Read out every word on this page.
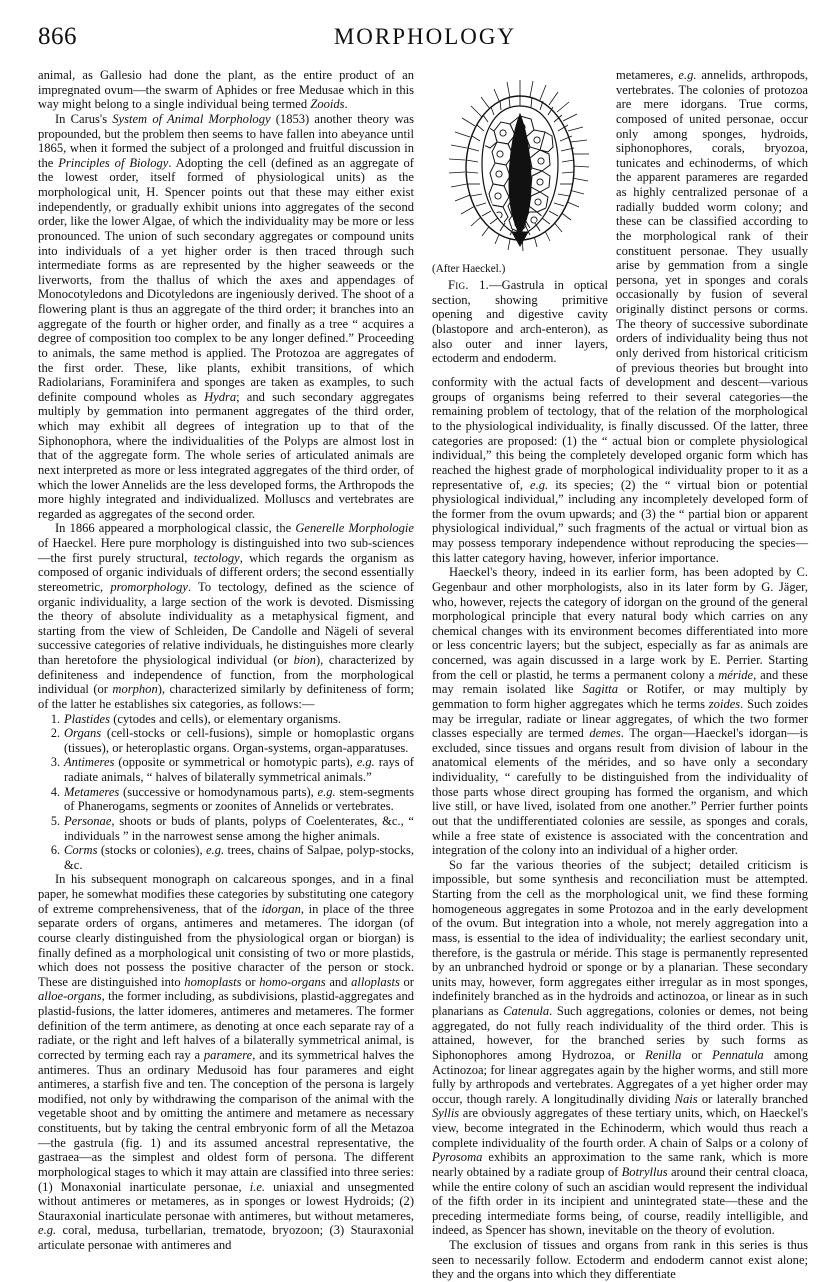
866	MORPHOLOGY

animal, as Gallesio had done the plant, as the entire product of an impregnated ovum—the swarm of Aphides or free Medusae which in this way might belong to a single individual being termed Zooids.

In Carus's System of Animal Morphology (1853) another theory was propounded, but the problem then seems to have fallen into abeyance until 1865, when it formed the subject of a prolonged and fruitful discussion in the Principles of Biology. Adopting the cell (defined as an aggregate of the lowest order, itself formed of physiological units) as the morphological unit, H. Spencer points out that these may either exist independently, or gradually exhibit unions into aggregates of the second order, like the lower Algae, of which the individuality may be more or less pronounced. The union of such secondary aggregates or compound units into individuals of a yet higher order is then traced through such intermediate forms as are represented by the higher seaweeds or the liverworts, from the thallus of which the axes and appendages of Monocotyledons and Dicotyledons are ingeniously derived. The shoot of a flowering plant is thus an aggregate of the third order; it branches into an aggregate of the fourth or higher order, and finally as a tree “ acquires a degree of composition too complex to be any longer defined.” Proceeding to animals, the same method is applied. The Protozoa are aggregates of the first order. These, like plants, exhibit transitions, of which Radiolarians, Foraminifera and sponges are taken as examples, to such definite compound wholes as Hydra; and such secondary aggregates multiply by gemmation into permanent aggregates of the third order, which may exhibit all degrees of integration up to that of the Siphonophora, where the individualities of the Polyps are almost lost in that of the aggregate form. The whole series of articulated animals are next interpreted as more or less integrated aggregates of the third order, of which the lower Annelids are the less developed forms, the Arthropods the more highly integrated and individualized. Molluscs and vertebrates are regarded as aggregates of the second order.

In 1866 appeared a morphological classic, the Generelle Morphologie of Haeckel. Here pure morphology is distinguished into two sub-sciences—the first purely structural, tectology, which regards the organism as composed of organic individuals of different orders; the second essentially stereometric, promorphology. To tectology, defined as the science of organic individuality, a large section of the work is devoted. Dismissing the theory of absolute individuality as a metaphysical figment, and starting from the view of Schleiden, De Candolle and Nägeli of several successive categories of relative individuals, he distinguishes more clearly than heretofore the physiological individual (or bion), characterized by definiteness and independence of function, from the morphological individual (or morphon), characterized similarly by definiteness of form; of the latter he establishes six categories, as follows:—

1. Plastides (cytodes and cells), or elementary organisms.
2. Organs (cell-stocks or cell-fusions), simple or homoplastic organs (tissues), or heteroplastic organs. Organ-systems, organ-apparatuses.
3. Antimeres (opposite or symmetrical or homotypic parts), e.g. rays of radiate animals, “ halves of bilaterally symmetrical animals.”
4. Metameres (successive or homodynamous parts), e.g. stem-segments of Phanerogams, segments or zoonites of Annelids or vertebrates.
5. Personae, shoots or buds of plants, polyps of Coelenterates, &c., “ individuals ” in the narrowest sense among the higher animals.
6. Corms (stocks or colonies), e.g. trees, chains of Salpae, polyp-stocks, &c.

In his subsequent monograph on calcareous sponges, and in a final paper, he somewhat modifies these categories by substituting one category of extreme comprehensiveness, that of the idorgan, in place of the three separate orders of organs, antimeres and metameres. The idorgan (of course clearly distinguished from the physiological organ or biorgan) is finally defined as a morphological unit consisting of two or more plastids, which does not possess the positive character of the person or stock. These are distinguished into homoplasts or homo-organs and alloplasts or alloe-organs, the former including, as subdivisions, plastid-aggregates and plastid-fusions, the latter idomeres, antimeres and metameres. The former definition of the term antimere, as denoting at once each separate ray of a radiate, or the right and left halves of a bilaterally symmetrical animal, is corrected by terming each ray a paramere, and its symmetrical halves the antimeres. Thus an ordinary Medusoid has four parameres and eight antimeres, a starfish five and ten. The conception of the persona is largely modified, not only by withdrawing the comparison of the animal with the vegetable shoot and by omitting the antimere and metamere as necessary constituents, but by taking the central embryonic form of all the Metazoa—the gastrula (fig. 1) and its assumed ancestral representative, the gastraea—as the simplest and oldest form of persona. The different morphological stages to which it may attain are classified into three series: (1) Monaxonial inarticulate personae, i.e. uniaxial and unsegmented without antimeres or metameres, as in sponges or lowest Hydroids; (2) Stauraxonial inarticulate personae with antimeres, but without metameres, e.g. coral, medusa, turbellarian, trematode, bryozoon; (3) Stauraxonial articulate personae with antimeres and

(After Haeckel.)

Fig. 1.—Gastrula in optical section, showing primitive opening and digestive cavity (blastopore and arch-enteron), as also outer and inner layers, ectoderm and endoderm.

metameres, e.g. annelids, arthropods, vertebrates. The colonies of protozoa are mere idorgans. True corms, composed of united personae, occur only among sponges, hydroids, siphonophores, corals, bryozoa, tunicates and echinoderms, of which the apparent parameres are regarded as highly centralized personae of a radially budded worm colony; and these can be classified according to the morphological rank of their constituent personae. They usually arise by gemmation from a single persona, yet in sponges and corals occasionally by fusion of several originally distinct persons or corms. The theory of successive subordinate orders of individuality being thus not only derived from historical criticism of previous theories but brought into conformity with the actual facts of development and descent—various groups of organisms being referred to their several categories—the remaining problem of tectology, that of the relation of the morphological to the physiological individuality, is finally discussed. Of the latter, three categories are proposed: (1) the “ actual bion or complete physiological individual,” this being the completely developed organic form which has reached the highest grade of morphological individuality proper to it as a representative of, e.g. its species; (2) the “ virtual bion or potential physiological individual,” including any incompletely developed form of the former from the ovum upwards; and (3) the “ partial bion or apparent physiological individual,” such fragments of the actual or virtual bion as may possess temporary independence without reproducing the species—this latter category having, however, inferior importance.

Haeckel's theory, indeed in its earlier form, has been adopted by C. Gegenbaur and other morphologists, also in its later form by G. Jäger, who, however, rejects the category of idorgan on the ground of the general morphological principle that every natural body which carries on any chemical changes with its environment becomes differentiated into more or less concentric layers; but the subject, especially as far as animals are concerned, was again discussed in a large work by E. Perrier. Starting from the cell or plastid, he terms a permanent colony a méride, and these may remain isolated like Sagitta or Rotifer, or may multiply by gemmation to form higher aggregates which he terms zoides. Such zoides may be irregular, radiate or linear aggregates, of which the two former classes especially are termed demes. The organ—Haeckel's idorgan—is excluded, since tissues and organs result from division of labour in the anatomical elements of the mérides, and so have only a secondary individuality, “ carefully to be distinguished from the individuality of those parts whose direct grouping has formed the organism, and which live still, or have lived, isolated from one another.” Perrier further points out that the undifferentiated colonies are sessile, as sponges and corals, while a free state of existence is associated with the concentration and integration of the colony into an individual of a higher order.

So far the various theories of the subject; detailed criticism is impossible, but some synthesis and reconciliation must be attempted. Starting from the cell as the morphological unit, we find these forming homogeneous aggregates in some Protozoa and in the early development of the ovum. But integration into a whole, not merely aggregation into a mass, is essential to the idea of individuality; the earliest secondary unit, therefore, is the gastrula or méride. This stage is permanently represented by an unbranched hydroid or sponge or by a planarian. These secondary units may, however, form aggregates either irregular as in most sponges, indefinitely branched as in the hydroids and actinozoa, or linear as in such planarians as Catenula. Such aggregations, colonies or demes, not being aggregated, do not fully reach individuality of the third order. This is attained, however, for the branched series by such forms as Siphonophores among Hydrozoa, or Renilla or Pennatula among Actinozoa; for linear aggregates again by the higher worms, and still more fully by arthropods and vertebrates. Aggregates of a yet higher order may occur, though rarely. A longitudinally dividing Nais or laterally branched Syllis are obviously aggregates of these tertiary units, which, on Haeckel's view, become integrated in the Echinoderm, which would thus reach a complete individuality of the fourth order. A chain of Salps or a colony of Pyrosoma exhibits an approximation to the same rank, which is more nearly obtained by a radiate group of Botryllus around their central cloaca, while the entire colony of such an ascidian would represent the individual of the fifth order in its incipient and unintegrated state—these and the preceding intermediate forms being, of course, readily intelligible, and indeed, as Spencer has shown, inevitable on the theory of evolution.

The exclusion of tissues and organs from rank in this series is thus seen to necessarily follow. Ectoderm and endoderm cannot exist alone; they and the organs into which they differentiate
